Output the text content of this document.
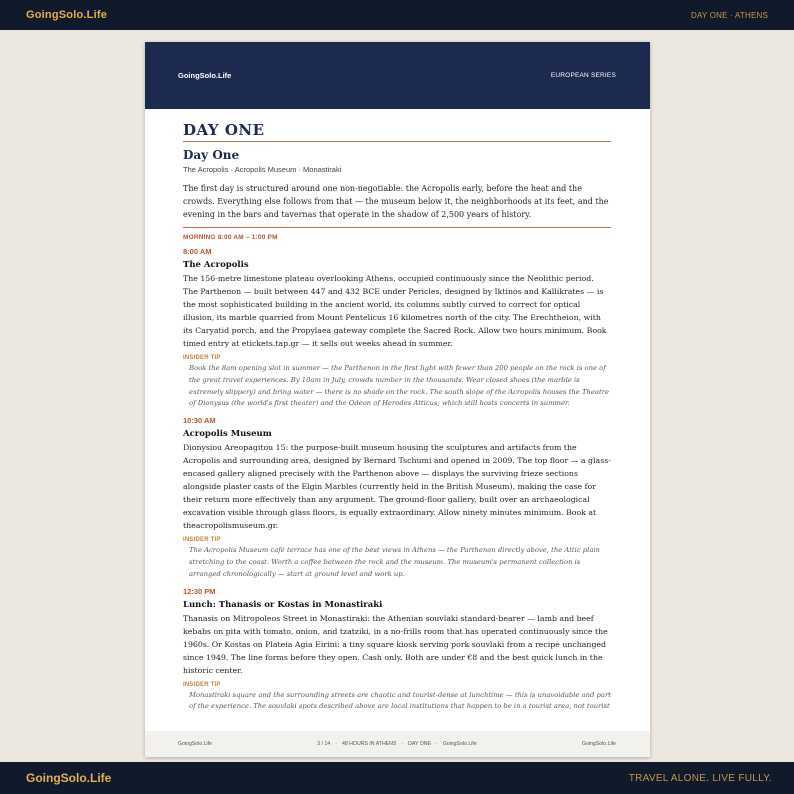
GoingSolo.Life	DAY ONE · ATHENS
GoingSolo.Life	EUROPEAN SERIES
DAY ONE
Day One
The Acropolis · Acropolis Museum · Monastiraki

The first day is structured around one non-negotiable: the Acropolis early, before the heat and the crowds. Everything else follows from that — the museum below it, the neighborhoods at its feet, and the evening in the bars and tavernas that operate in the shadow of 2,500 years of history.

MORNING 8:00 AM – 1:00 PM
8:00 AM
The Acropolis

The 156-metre limestone plateau overlooking Athens, occupied continuously since the Neolithic period. The Parthenon — built between 447 and 432 BCE under Pericles, designed by Iktinos and Kallikrates — is the most sophisticated building in the ancient world, its columns subtly curved to correct for optical illusion, its marble quarried from Mount Pentelicus 16 kilometres north of the city. The Erechtheion, with its Caryatid porch, and the Propylaea gateway complete the Sacred Rock. Allow two hours minimum. Book timed entry at etickets.tap.gr — it sells out weeks ahead in summer.

INSIDER TIP

Book the 8am opening slot in summer — the Parthenon in the first light with fewer than 200 people on the rock is one of the great travel experiences. By 10am in July, crowds number in the thousands. Wear closed shoes (the marble is extremely slippery) and bring water — there is no shade on the rock. The south slope of the Acropolis houses the Theatre of Dionysus (the world's first theater) and the Odeon of Herodes Atticus, which still hosts concerts in summer.

10:30 AM
Acropolis Museum

Dionysiou Areopagitou 15: the purpose-built museum housing the sculptures and artifacts from the Acropolis and surrounding area, designed by Bernard Tschumi and opened in 2009. The top floor — a glass-encased gallery aligned precisely with the Parthenon above — displays the surviving frieze sections alongside plaster casts of the Elgin Marbles (currently held in the British Museum), making the case for their return more effectively than any argument. The ground-floor gallery, built over an archaeological excavation visible through glass floors, is equally extraordinary. Allow ninety minutes minimum. Book at theacropolismuseum.gr.

INSIDER TIP

The Acropolis Museum café terrace has one of the best views in Athens — the Parthenon directly above, the Attic plain stretching to the coast. Worth a coffee between the rock and the museum. The museum's permanent collection is arranged chronologically — start at ground level and work up.

12:30 PM
Lunch: Thanasis or Kostas in Monastiraki

Thanasis on Mitropoleos Street in Monastiraki: the Athenian souvlaki standard-bearer — lamb and beef kebabs on pita with tomato, onion, and tzatziki, in a no-frills room that has operated continuously since the 1960s. Or Kostas on Plateia Agia Eirini: a tiny square kiosk serving pork souvlaki from a recipe unchanged since 1949. The line forms before they open. Cash only. Both are under €8 and the best quick lunch in the historic center.

INSIDER TIP

Monastiraki square and the surrounding streets are chaotic and tourist-dense at lunchtime — this is unavoidable and part of the experience. The souvlaki spots described above are local institutions that happen to be in a tourist area, not tourist

GoingSolo.Life	3 / 14 · 48 HOURS IN ATHENS · DAY ONE · GoingSolo.Life	GoingSolo.Life
GoingSolo.Life	TRAVEL ALONE. LIVE FULLY.
